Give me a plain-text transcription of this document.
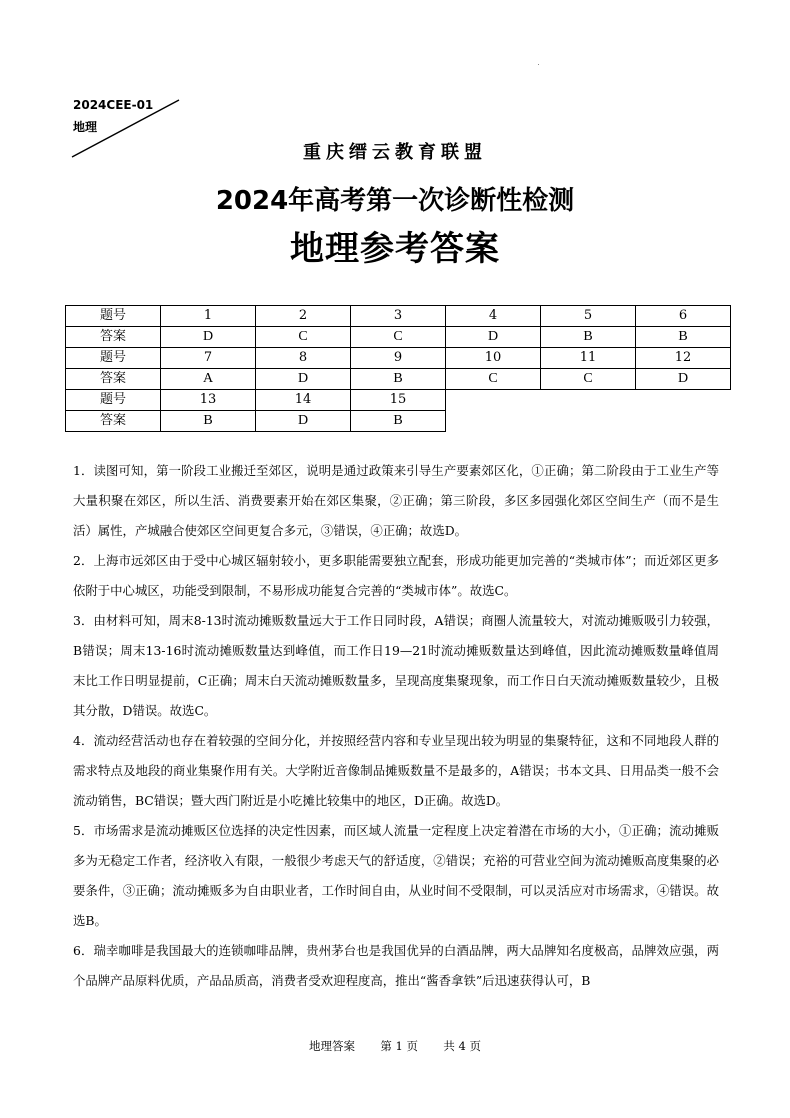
2024CEE-01
地理
重庆缙云教育联盟
2024年高考第一次诊断性检测
地理参考答案
题号	1	2	3	4	5	6
答案	D	C	C	D	B	B
题号	7	8	9	10	11	12
答案	A	D	B	C	C	D
题号	13	14	15			
答案	B	D	B			

1．读图可知，第一阶段工业搬迁至郊区，说明是通过政策来引导生产要素郊区化，①正确；第二阶段由于工业生产等大量积聚在郊区，所以生活、消费要素开始在郊区集聚，②正确；第三阶段，多区多园强化郊区空间生产（而不是生活）属性，产城融合使郊区空间更复合多元，③错误，④正确；故选D。

2．上海市远郊区由于受中心城区辐射较小，更多职能需要独立配套，形成功能更加完善的“类城市体”；而近郊区更多依附于中心城区，功能受到限制，不易形成功能复合完善的“类城市体”。故选C。

3．由材料可知，周末8-13时流动摊贩数量远大于工作日同时段，A错误；商圈人流量较大，对流动摊贩吸引力较强，B错误；周末13-16时流动摊贩数量达到峰值，而工作日19—21时流动摊贩数量达到峰值，因此流动摊贩数量峰值周末比工作日明显提前，C正确；周末白天流动摊贩数量多，呈现高度集聚现象，而工作日白天流动摊贩数量较少，且极其分散，D错误。故选C。

4．流动经营活动也存在着较强的空间分化，并按照经营内容和专业呈现出较为明显的集聚特征，这和不同地段人群的需求特点及地段的商业集聚作用有关。大学附近音像制品摊贩数量不是最多的，A错误；书本文具、日用品类一般不会流动销售，BC错误；暨大西门附近是小吃摊比较集中的地区，D正确。故选D。

5．市场需求是流动摊贩区位选择的决定性因素，而区域人流量一定程度上决定着潜在市场的大小，①正确；流动摊贩多为无稳定工作者，经济收入有限，一般很少考虑天气的舒适度，②错误；充裕的可营业空间为流动摊贩高度集聚的必要条件，③正确；流动摊贩多为自由职业者，工作时间自由，从业时间不受限制，可以灵活应对市场需求，④错误。故选B。

6．瑞幸咖啡是我国最大的连锁咖啡品牌，贵州茅台也是我国优异的白酒品牌，两大品牌知名度极高，品牌效应强，两个品牌产品原料优质，产品品质高，消费者受欢迎程度高，推出“酱香拿铁”后迅速获得认可，B

地理答案 第 1 页 共 4 页
